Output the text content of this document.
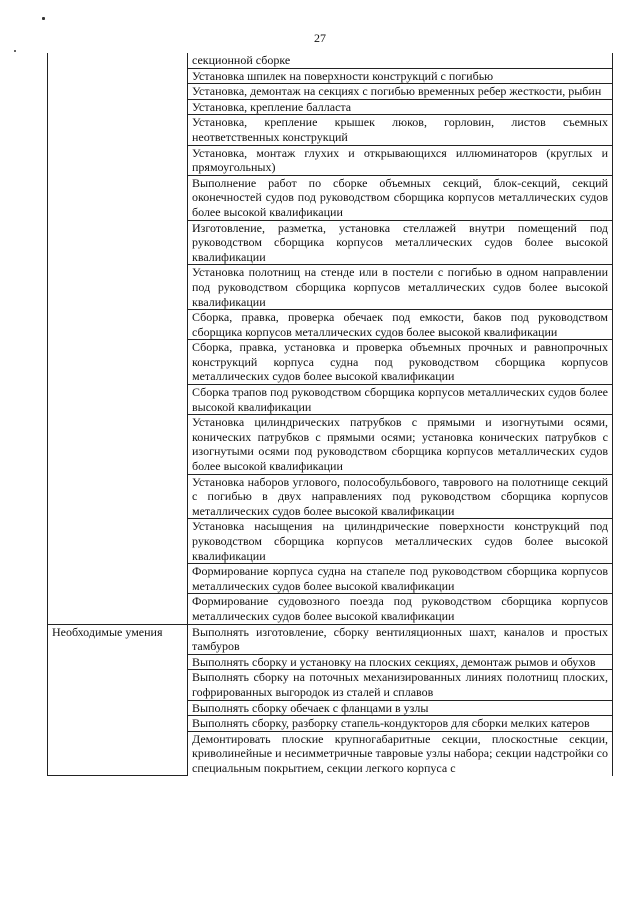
27
	секционной сборке
	Установка шпилек на поверхности конструкций с погибью
	Установка, демонтаж на секциях с погибью временных ребер жесткости, рыбин
	Установка, крепление балласта
	Установка, крепление крышек люков, горловин, листов съемных неответственных конструкций
	Установка, монтаж глухих и открывающихся иллюминаторов (круглых и прямоугольных)
	Выполнение работ по сборке объемных секций, блок-секций, секций оконечностей судов под руководством сборщика корпусов металлических судов более высокой квалификации
	Изготовление, разметка, установка стеллажей внутри помещений под руководством сборщика корпусов металлических судов более высокой квалификации
	Установка полотнищ на стенде или в постели с погибью в одном направлении под руководством сборщика корпусов металлических судов более высокой квалификации
	Сборка, правка, проверка обечаек под емкости, баков под руководством сборщика корпусов металлических судов более высокой квалификации
	Сборка, правка, установка и проверка объемных прочных и равнопрочных конструкций корпуса судна под руководством сборщика корпусов металлических судов более высокой квалификации
	Сборка трапов под руководством сборщика корпусов металлических судов более высокой квалификации
	Установка цилиндрических патрубков с прямыми и изогнутыми осями, конических патрубков с прямыми осями; установка конических патрубков с изогнутыми осями под руководством сборщика корпусов металлических судов более высокой квалификации
	Установка наборов углового, полособульбового, таврового на полотнище секций с погибью в двух направлениях под руководством сборщика корпусов металлических судов более высокой квалификации
	Установка насыщения на цилиндрические поверхности конструкций под руководством сборщика корпусов металлических судов более высокой квалификации
	Формирование корпуса судна на стапеле под руководством сборщика корпусов металлических судов более высокой квалификации
	Формирование судовозного поезда под руководством сборщика корпусов металлических судов более высокой квалификации
Необходимые умения	Выполнять изготовление, сборку вентиляционных шахт, каналов и простых тамбуров
	Выполнять сборку и установку на плоских секциях, демонтаж рымов и обухов
	Выполнять сборку на поточных механизированных линиях полотнищ плоских, гофрированных выгородок из сталей и сплавов
	Выполнять сборку обечаек с фланцами в узлы
	Выполнять сборку, разборку стапель-кондукторов для сборки мелких катеров
	Демонтировать плоские крупногабаритные секции, плоскостные секции, криволинейные и несимметричные тавровые узлы набора; секции надстройки со специальным покрытием, секции легкого корпуса с
